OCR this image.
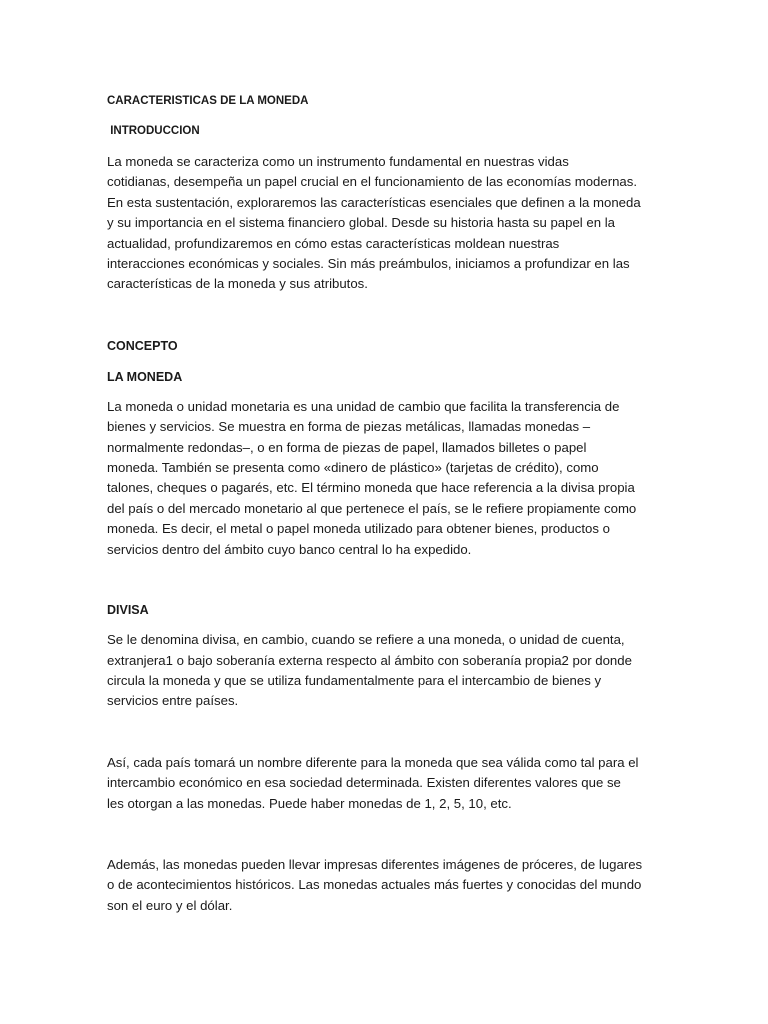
CARACTERISTICAS DE LA MONEDA

INTRODUCCION

La moneda se caracteriza como un instrumento fundamental en nuestras vidas
cotidianas, desempeña un papel crucial en el funcionamiento de las economías modernas.
En esta sustentación, exploraremos las características esenciales que definen a la moneda
y su importancia en el sistema financiero global. Desde su historia hasta su papel en la
actualidad, profundizaremos en cómo estas características moldean nuestras
interacciones económicas y sociales. Sin más preámbulos, iniciamos a profundizar en las
características de la moneda y sus atributos.

CONCEPTO

LA MONEDA

La moneda o unidad monetaria es una unidad de cambio que facilita la transferencia de
bienes y servicios. Se muestra en forma de piezas metálicas, llamadas monedas –
normalmente redondas–, o en forma de piezas de papel, llamados billetes o papel
moneda. También se presenta como «dinero de plástico» (tarjetas de crédito), como
talones, cheques o pagarés, etc. El término moneda que hace referencia a la divisa propia
del país o del mercado monetario al que pertenece el país, se le refiere propiamente como
moneda. Es decir, el metal o papel moneda utilizado para obtener bienes, productos o
servicios dentro del ámbito cuyo banco central lo ha expedido.

DIVISA

Se le denomina divisa, en cambio, cuando se refiere a una moneda, o unidad de cuenta,
extranjera1 o bajo soberanía externa respecto al ámbito con soberanía propia2 por donde
circula la moneda y que se utiliza fundamentalmente para el intercambio de bienes y
servicios entre países.
Así, cada país tomará un nombre diferente para la moneda que sea válida como tal para el
intercambio económico en esa sociedad determinada. Existen diferentes valores que se
les otorgan a las monedas. Puede haber monedas de 1, 2, 5, 10, etc.
Además, las monedas pueden llevar impresas diferentes imágenes de próceres, de lugares
o de acontecimientos históricos. Las monedas actuales más fuertes y conocidas del mundo
son el euro y el dólar.
